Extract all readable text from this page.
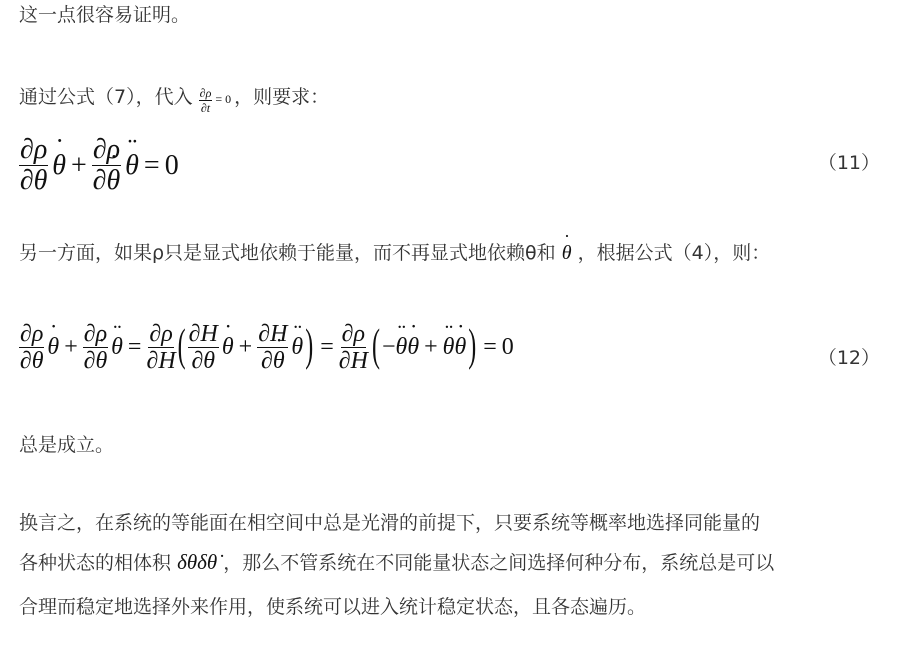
这一点很容易证明。
通过公式（7），代入 $\frac{\partial\rho}{\partial t} = 0$ ，则要求：
$\frac{\partial\rho}{\partial\theta}$ θ ˙ + $\frac{\partial\rho}{\partial\theta}$ ˙ θ ¨ = 0	（11）
另一方面，如果ρ只是显式地依赖于能量，而不再显式地依赖θ和 θ ˙ ，根据公式（4），则：
$\frac{\partial\rho}{\partial\theta}$ θ ˙ + $\frac{\partial\rho}{\partial\theta}$ ˙ θ ¨ = $\frac{\partial\rho}{\partial H}$ ( $\frac{\partial H}{\partial\theta}$ θ ˙ + $\frac{\partial H}{\partial\theta}$ ˙ θ ¨ ) = $\frac{\partial\rho}{\partial H}$ ( − θ ¨ θ ˙ + θ ¨ θ ˙ ) = 0	（12）
总是成立。
换言之，在系统的等能面在相空间中总是光滑的前提下，只要系统等概率地选择同能量的
各种状态的相体积 δθδθ̇ ，那么不管系统在不同能量状态之间选择何种分布，系统总是可以
合理而稳定地选择外来作用，使系统可以进入统计稳定状态，且各态遍历。
